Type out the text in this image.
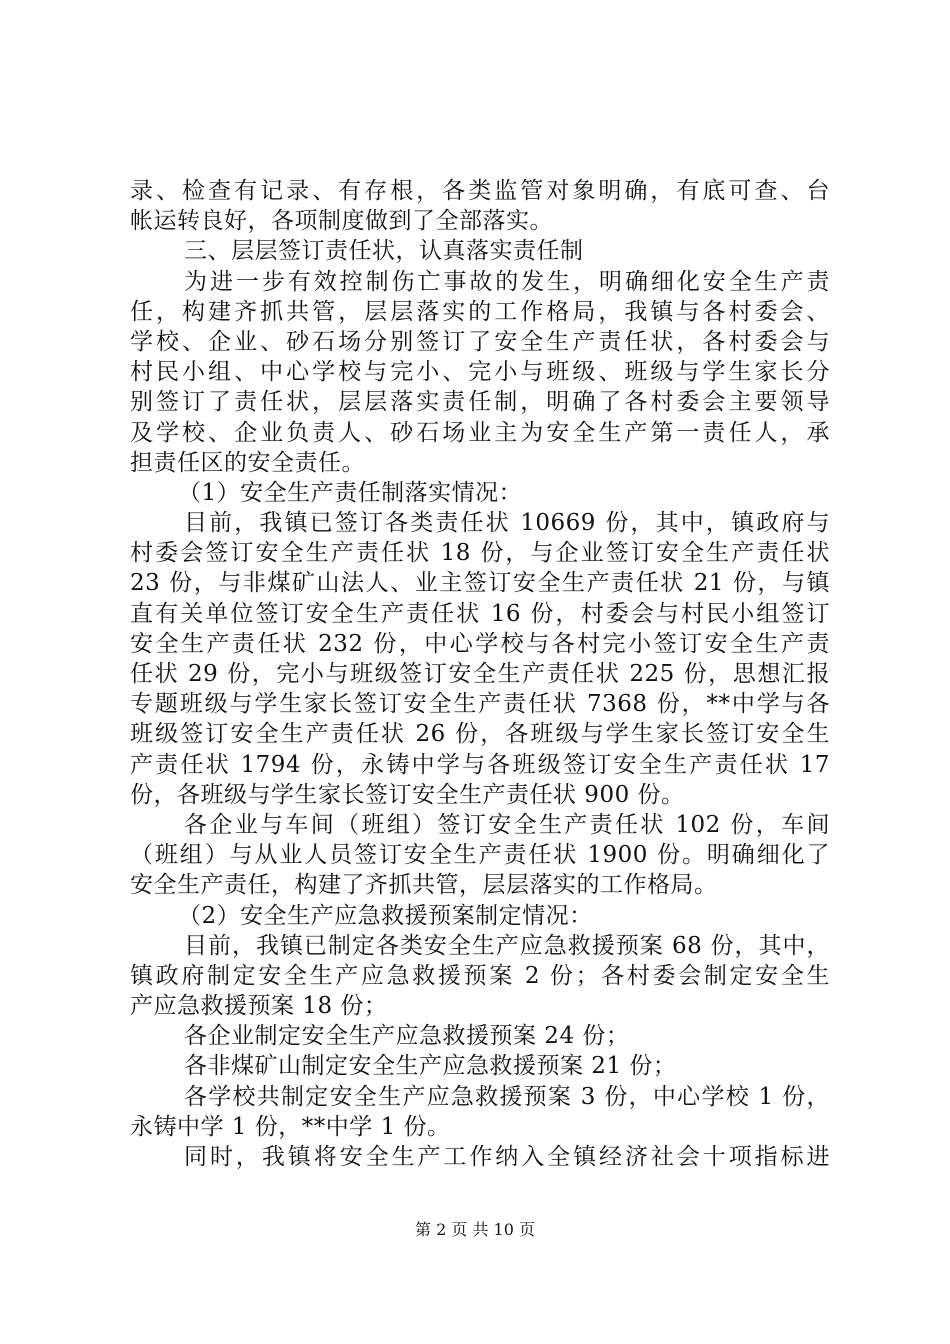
录、检查有记录、有存根，各类监管对象明确，有底可查、台
帐运转良好，各项制度做到了全部落实。
三、层层签订责任状，认真落实责任制
为进一步有效控制伤亡事故的发生，明确细化安全生产责
任，构建齐抓共管，层层落实的工作格局，我镇与各村委会、
学校、企业、砂石场分别签订了安全生产责任状，各村委会与
村民小组、中心学校与完小、完小与班级、班级与学生家长分
别签订了责任状，层层落实责任制，明确了各村委会主要领导
及学校、企业负责人、砂石场业主为安全生产第一责任人，承
担责任区的安全责任。
（1）安全生产责任制落实情况：
目前，我镇已签订各类责任状 10669 份，其中，镇政府与
村委会签订安全生产责任状 18 份，与企业签订安全生产责任状
23 份，与非煤矿山法人、业主签订安全生产责任状 21 份，与镇
直有关单位签订安全生产责任状 16 份，村委会与村民小组签订
安全生产责任状 232 份，中心学校与各村完小签订安全生产责
任状 29 份，完小与班级签订安全生产责任状 225 份，思想汇报
专题班级与学生家长签订安全生产责任状 7368 份，**中学与各
班级签订安全生产责任状 26 份，各班级与学生家长签订安全生
产责任状 1794 份，永铸中学与各班级签订安全生产责任状 17
份，各班级与学生家长签订安全生产责任状 900 份。
各企业与车间（班组）签订安全生产责任状 102 份，车间
（班组）与从业人员签订安全生产责任状 1900 份。明确细化了
安全生产责任，构建了齐抓共管，层层落实的工作格局。
（2）安全生产应急救援预案制定情况：
目前，我镇已制定各类安全生产应急救援预案 68 份，其中，
镇政府制定安全生产应急救援预案 2 份；各村委会制定安全生
产应急救援预案 18 份；
各企业制定安全生产应急救援预案 24 份；
各非煤矿山制定安全生产应急救援预案 21 份；
各学校共制定安全生产应急救援预案 3 份，中心学校 1 份，
永铸中学 1 份，**中学 1 份。
同时，我镇将安全生产工作纳入全镇经济社会十项指标进
第 2 页 共 10 页
